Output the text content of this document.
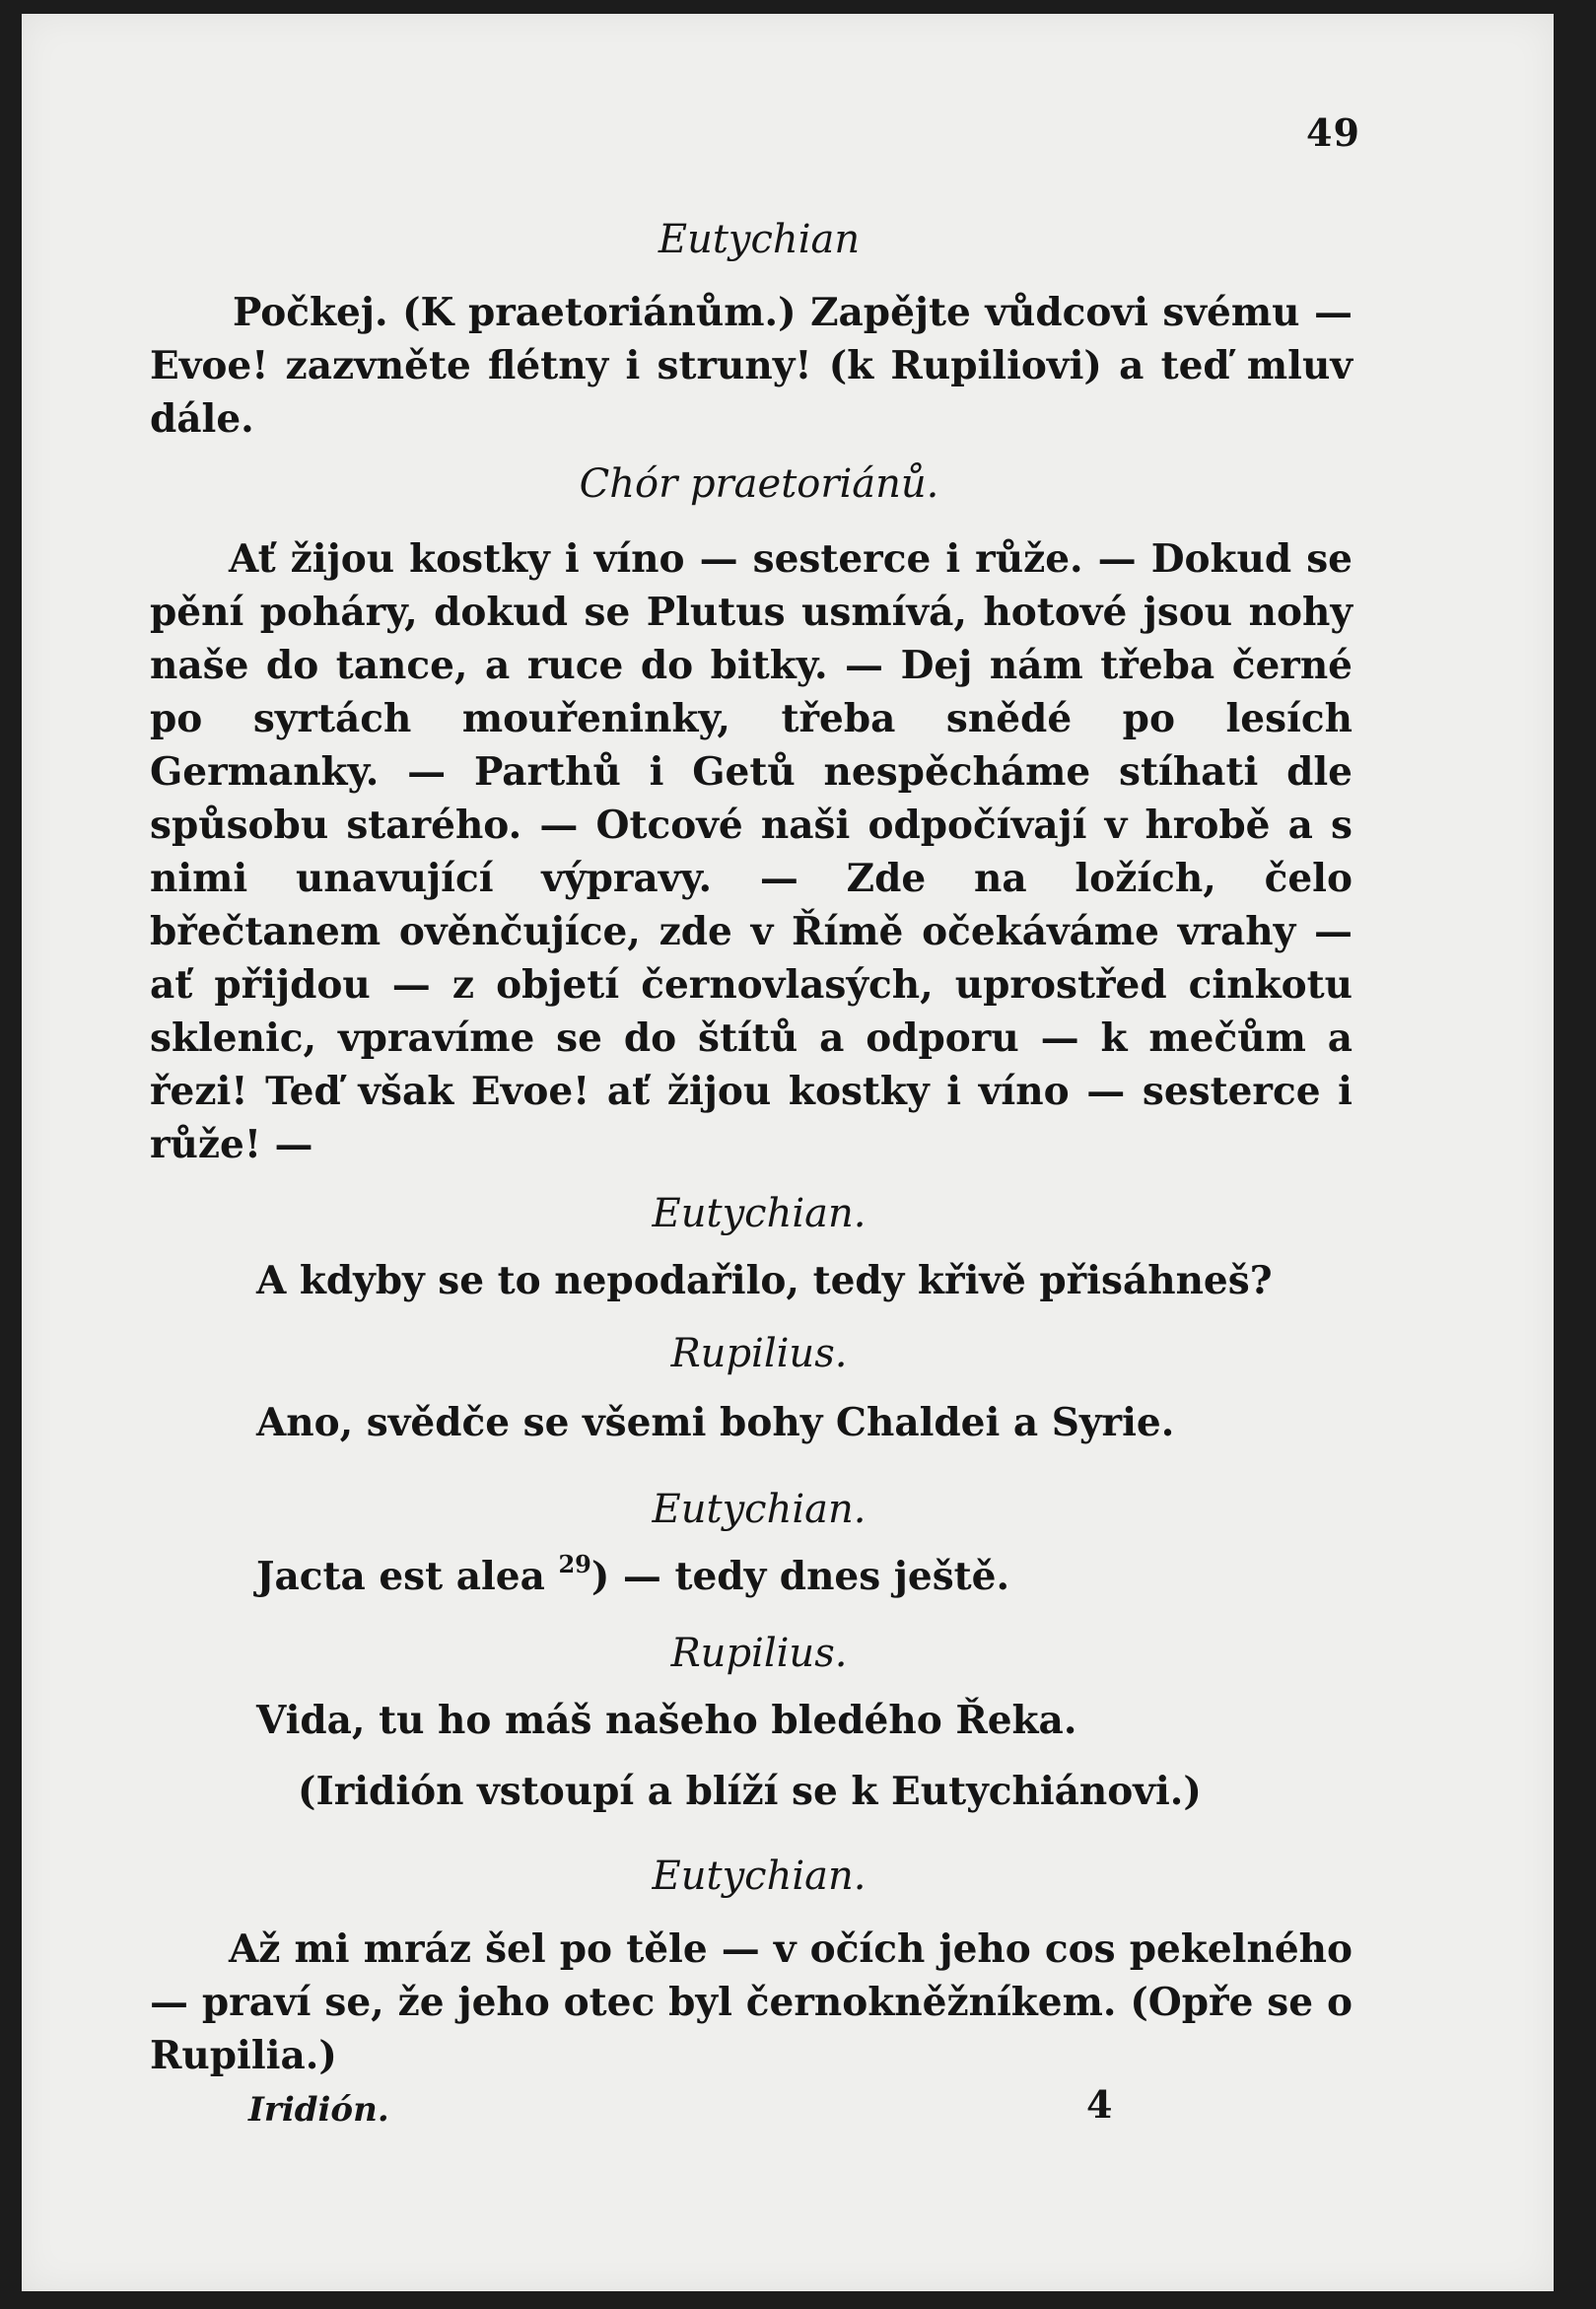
49
Eutychian

Počkej. (K praetoriánům.) Zapějte vůdcovi svému — Evoe! zazvněte flétny i struny! (k Rupiliovi) a teď mluv dále.

Chór praetoriánů.

Ať žijou kostky i víno — sesterce i růže. — Dokud se pění poháry, dokud se Plutus usmívá, hotové jsou nohy naše do tance, a ruce do bitky. — Dej nám třeba černé po syrtách mouřeninky, třeba snědé po lesích Germanky. — Parthů i Getů nespěcháme stíhati dle spůsobu starého. — Otcové naši odpočívají v hrobě a s nimi unavující výpravy. — Zde na ložích, čelo břečtanem ověnčujíce, zde v Římě očekáváme vrahy — ať přijdou — z objetí černovlasých, uprostřed cinkotu sklenic, vpravíme se do štítů a odporu — k mečům a řezi! Teď však Evoe! ať žijou kostky i víno — sesterce i růže! —

Eutychian.
A kdyby se to nepodařilo, tedy křivě přisáhneš?
Rupilius.
Ano, svědče se všemi bohy Chaldei a Syrie.
Eutychian.
Jacta est alea $^{29}$) — tedy dnes ještě.
Rupilius.
Vida, tu ho máš našeho bledého Řeka.
(Iridión vstoupí a blíží se k Eutychiánovi.)
Eutychian.

Až mi mráz šel po těle — v očích jeho cos pekelného — praví se, že jeho otec byl černokněžníkem. (Opře se o Rupilia.)

Iridión.	4
